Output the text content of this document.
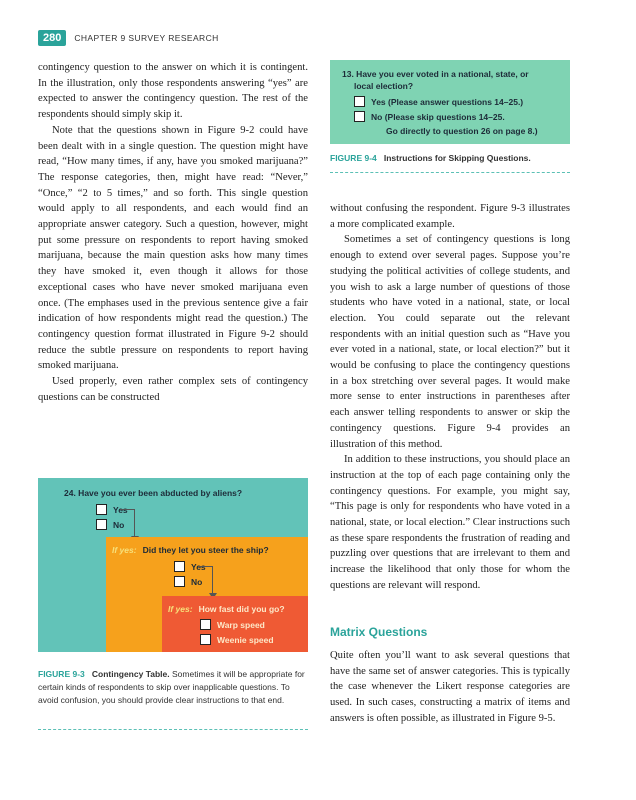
280	CHAPTER 9 SURVEY RESEARCH

contingency question to the answer on which it is contingent. In the illustration, only those respondents answering “yes” are expected to answer the contingency question. The rest of the respondents should simply skip it.

Note that the questions shown in Figure 9-2 could have been dealt with in a single question. The question might have read, “How many times, if any, have you smoked marijuana?” The response categories, then, might have read: “Never,” “Once,” “2 to 5 times,” and so forth. This single question would apply to all respondents, and each would find an appropriate answer category. Such a question, however, might put some pressure on respondents to report having smoked marijuana, because the main question asks how many times they have smoked it, even though it allows for those exceptional cases who have never smoked marijuana even once. (The emphases used in the previous sentence give a fair indication of how respondents might read the question.) The contingency question format illustrated in Figure 9-2 should reduce the subtle pressure on respondents to report having smoked marijuana.

Used properly, even rather complex sets of contingency questions can be constructed

13. Have you ever voted in a national, state, or
local election?
Yes (Please answer questions 14–25.)
No (Please skip questions 14–25.
Go directly to question 26 on page 8.)
FIGURE 9-4 Instructions for Skipping Questions.

without confusing the respondent. Figure 9-3 illustrates a more complicated example.

Sometimes a set of contingency questions is long enough to extend over several pages. Suppose you’re studying the political activities of college students, and you wish to ask a large number of questions of those students who have voted in a national, state, or local election. You could separate out the relevant respondents with an initial question such as “Have you ever voted in a national, state, or local election?” but it would be confusing to place the contingency questions in a box stretching over several pages. It would make more sense to enter instructions in parentheses after each answer telling respondents to answer or skip the contingency questions. Figure 9-4 provides an illustration of this method.

In addition to these instructions, you should place an instruction at the top of each page containing only the contingency questions. For example, you might say, “This page is only for respondents who have voted in a national, state, or local election.” Clear instructions such as these spare respondents the frustration of reading and puzzling over questions that are irrelevant to them and increase the likelihood that only those for whom the questions are relevant will respond.

Matrix Questions

Quite often you’ll want to ask several questions that have the same set of answer categories. This is typically the case whenever the Likert response categories are used. In such cases, constructing a matrix of items and answers is often possible, as illustrated in Figure 9-5.

24. Have you ever been abducted by aliens?
Yes
No
If yes: Did they let you steer the ship?
Yes
No
If yes: How fast did you go?
Warp speed
Weenie speed
FIGURE 9-3 Contingency Table. Sometimes it will be appropriate for certain kinds of respondents to skip over inapplicable questions. To avoid confusion, you should provide clear instructions to that end.
